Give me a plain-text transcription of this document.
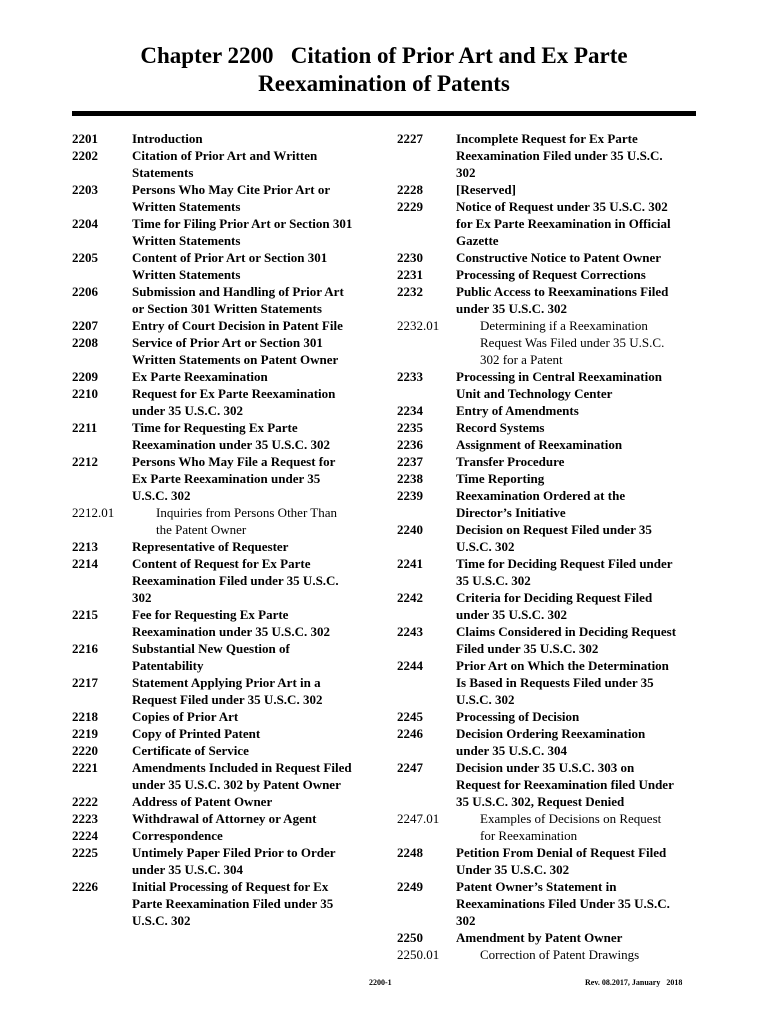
Chapter 2200   Citation of Prior Art and Ex Parte
Reexamination of Patents
2201	Introduction
2202	Citation of Prior Art and Written
Statements
2203	Persons Who May Cite Prior Art or
Written Statements
2204	Time for Filing Prior Art or Section 301
Written Statements
2205	Content of Prior Art or Section 301
Written Statements
2206	Submission and Handling of Prior Art
or Section 301 Written Statements
2207	Entry of Court Decision in Patent File
2208	Service of Prior Art or Section 301
Written Statements on Patent Owner
2209	Ex Parte Reexamination
2210	Request for Ex Parte Reexamination
under 35 U.S.C. 302
2211	Time for Requesting Ex Parte
Reexamination under 35 U.S.C. 302
2212	Persons Who May File a Request for
Ex Parte Reexamination under 35
U.S.C. 302
2212.01	Inquiries from Persons Other Than
the Patent Owner
2213	Representative of Requester
2214	Content of Request for Ex Parte
Reexamination Filed under 35 U.S.C.
302
2215	Fee for Requesting Ex Parte
Reexamination under 35 U.S.C. 302
2216	Substantial New Question of
Patentability
2217	Statement Applying Prior Art in a
Request Filed under 35 U.S.C. 302
2218	Copies of Prior Art
2219	Copy of Printed Patent
2220	Certificate of Service
2221	Amendments Included in Request Filed
under 35 U.S.C. 302 by Patent Owner
2222	Address of Patent Owner
2223	Withdrawal of Attorney or Agent
2224	Correspondence
2225	Untimely Paper Filed Prior to Order
under 35 U.S.C. 304
2226	Initial Processing of Request for Ex
Parte Reexamination Filed under 35
U.S.C. 302
2227	Incomplete Request for Ex Parte
Reexamination Filed under 35 U.S.C.
302
2228	[Reserved]
2229	Notice of Request under 35 U.S.C. 302
for Ex Parte Reexamination in Official
Gazette
2230	Constructive Notice to Patent Owner
2231	Processing of Request Corrections
2232	Public Access to Reexaminations Filed
under 35 U.S.C. 302
2232.01	Determining if a Reexamination
Request Was Filed under 35 U.S.C.
302 for a Patent
2233	Processing in Central Reexamination
Unit and Technology Center
2234	Entry of Amendments
2235	Record Systems
2236	Assignment of Reexamination
2237	Transfer Procedure
2238	Time Reporting
2239	Reexamination Ordered at the
Director’s Initiative
2240	Decision on Request Filed under 35
U.S.C. 302
2241	Time for Deciding Request Filed under
35 U.S.C. 302
2242	Criteria for Deciding Request Filed
under 35 U.S.C. 302
2243	Claims Considered in Deciding Request
Filed under 35 U.S.C. 302
2244	Prior Art on Which the Determination
Is Based in Requests Filed under 35
U.S.C. 302
2245	Processing of Decision
2246	Decision Ordering Reexamination
under 35 U.S.C. 304
2247	Decision under 35 U.S.C. 303 on
Request for Reexamination filed Under
35 U.S.C. 302, Request Denied
2247.01	Examples of Decisions on Request
for Reexamination
2248	Petition From Denial of Request Filed
Under 35 U.S.C. 302
2249	Patent Owner’s Statement in
Reexaminations Filed Under 35 U.S.C.
302
2250	Amendment by Patent Owner
2250.01	Correction of Patent Drawings
2200-1	Rev. 08.2017, January   2018
